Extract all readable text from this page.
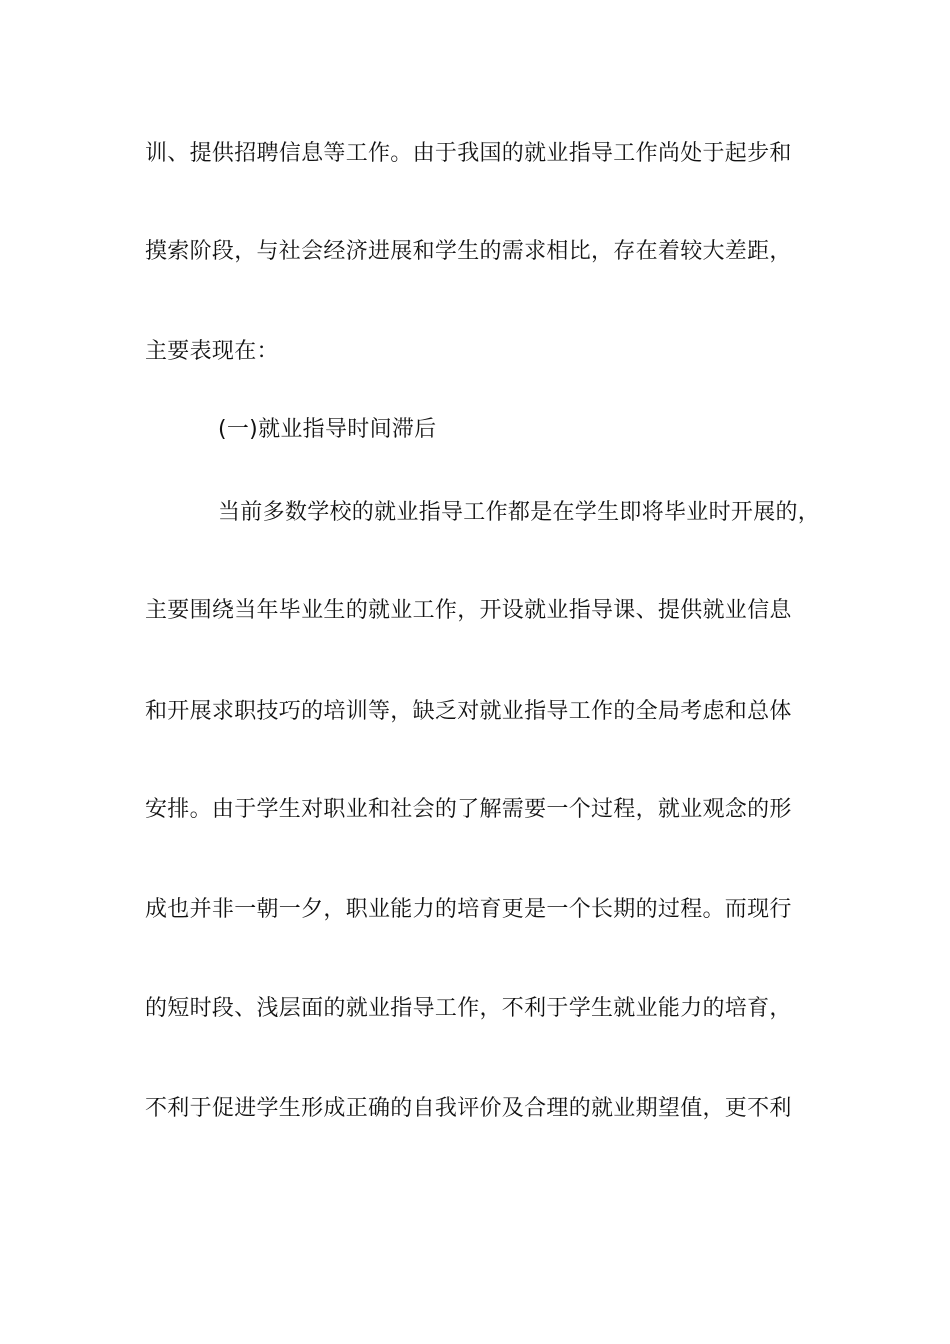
训、提供招聘信息等工作。由于我国的就业指导工作尚处于起步和
摸索阶段，与社会经济进展和学生的需求相比，存在着较大差距，
主要表现在：
(一)就业指导时间滞后
当前多数学校的就业指导工作都是在学生即将毕业时开展的，
主要围绕当年毕业生的就业工作，开设就业指导课、提供就业信息
和开展求职技巧的培训等，缺乏对就业指导工作的全局考虑和总体
安排。由于学生对职业和社会的了解需要一个过程，就业观念的形
成也并非一朝一夕，职业能力的培育更是一个长期的过程。而现行
的短时段、浅层面的就业指导工作，不利于学生就业能力的培育，
不利于促进学生形成正确的自我评价及合理的就业期望值，更不利
